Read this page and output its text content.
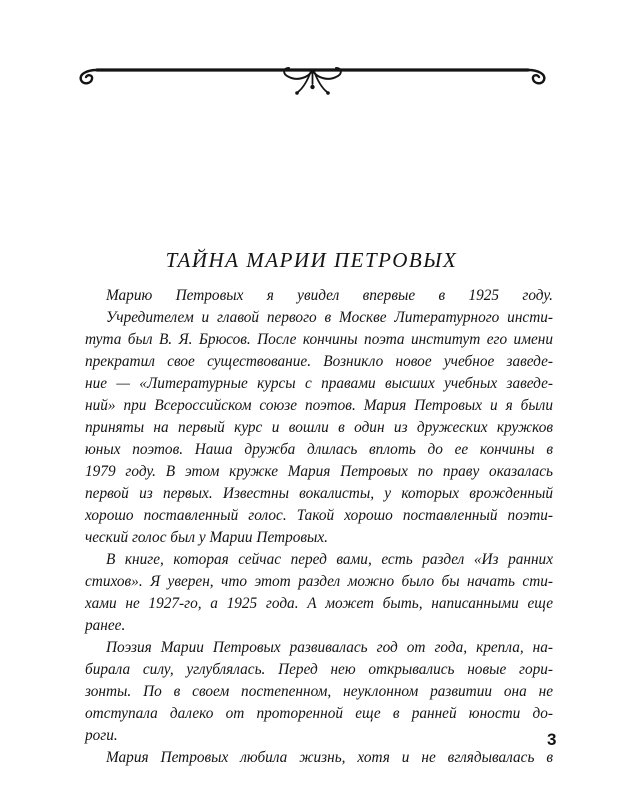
ТАЙНА МАРИИ ПЕТРОВЫХ

Марию Петровых я увидел впервые в 1925 году.

Учредителем и главой первого в Москве Литературного инсти-

тута был В. Я. Брюсов. После кончины поэта институт его имени

прекратил свое существование. Возникло новое учебное заведе-

ние — «Литературные курсы с правами высших учебных заведе-

ний» при Всероссийском союзе поэтов. Мария Петровых и я были

приняты на первый курс и вошли в один из дружеских кружков

юных поэтов. Наша дружба длилась вплоть до ее кончины в

1979 году. В этом кружке Мария Петровых по праву оказалась

первой из первых. Известны вокалисты, у которых врожденный

хорошо поставленный голос. Такой хорошо поставленный поэти-

ческий голос был у Марии Петровых.

В книге, которая сейчас перед вами, есть раздел «Из ранних

стихов». Я уверен, что этот раздел можно было бы начать сти-

хами не 1927-го, а 1925 года. А может быть, написанными еще

ранее.

Поэзия Марии Петровых развивалась год от года, крепла, на-

бирала силу, углублялась. Перед нею открывались новые гори-

зонты. По в своем постепенном, неуклонном развитии она не

отступала далеко от проторенной еще в ранней юности до-

роги.

Мария Петровых любила жизнь, хотя и не вглядывалась в

3
